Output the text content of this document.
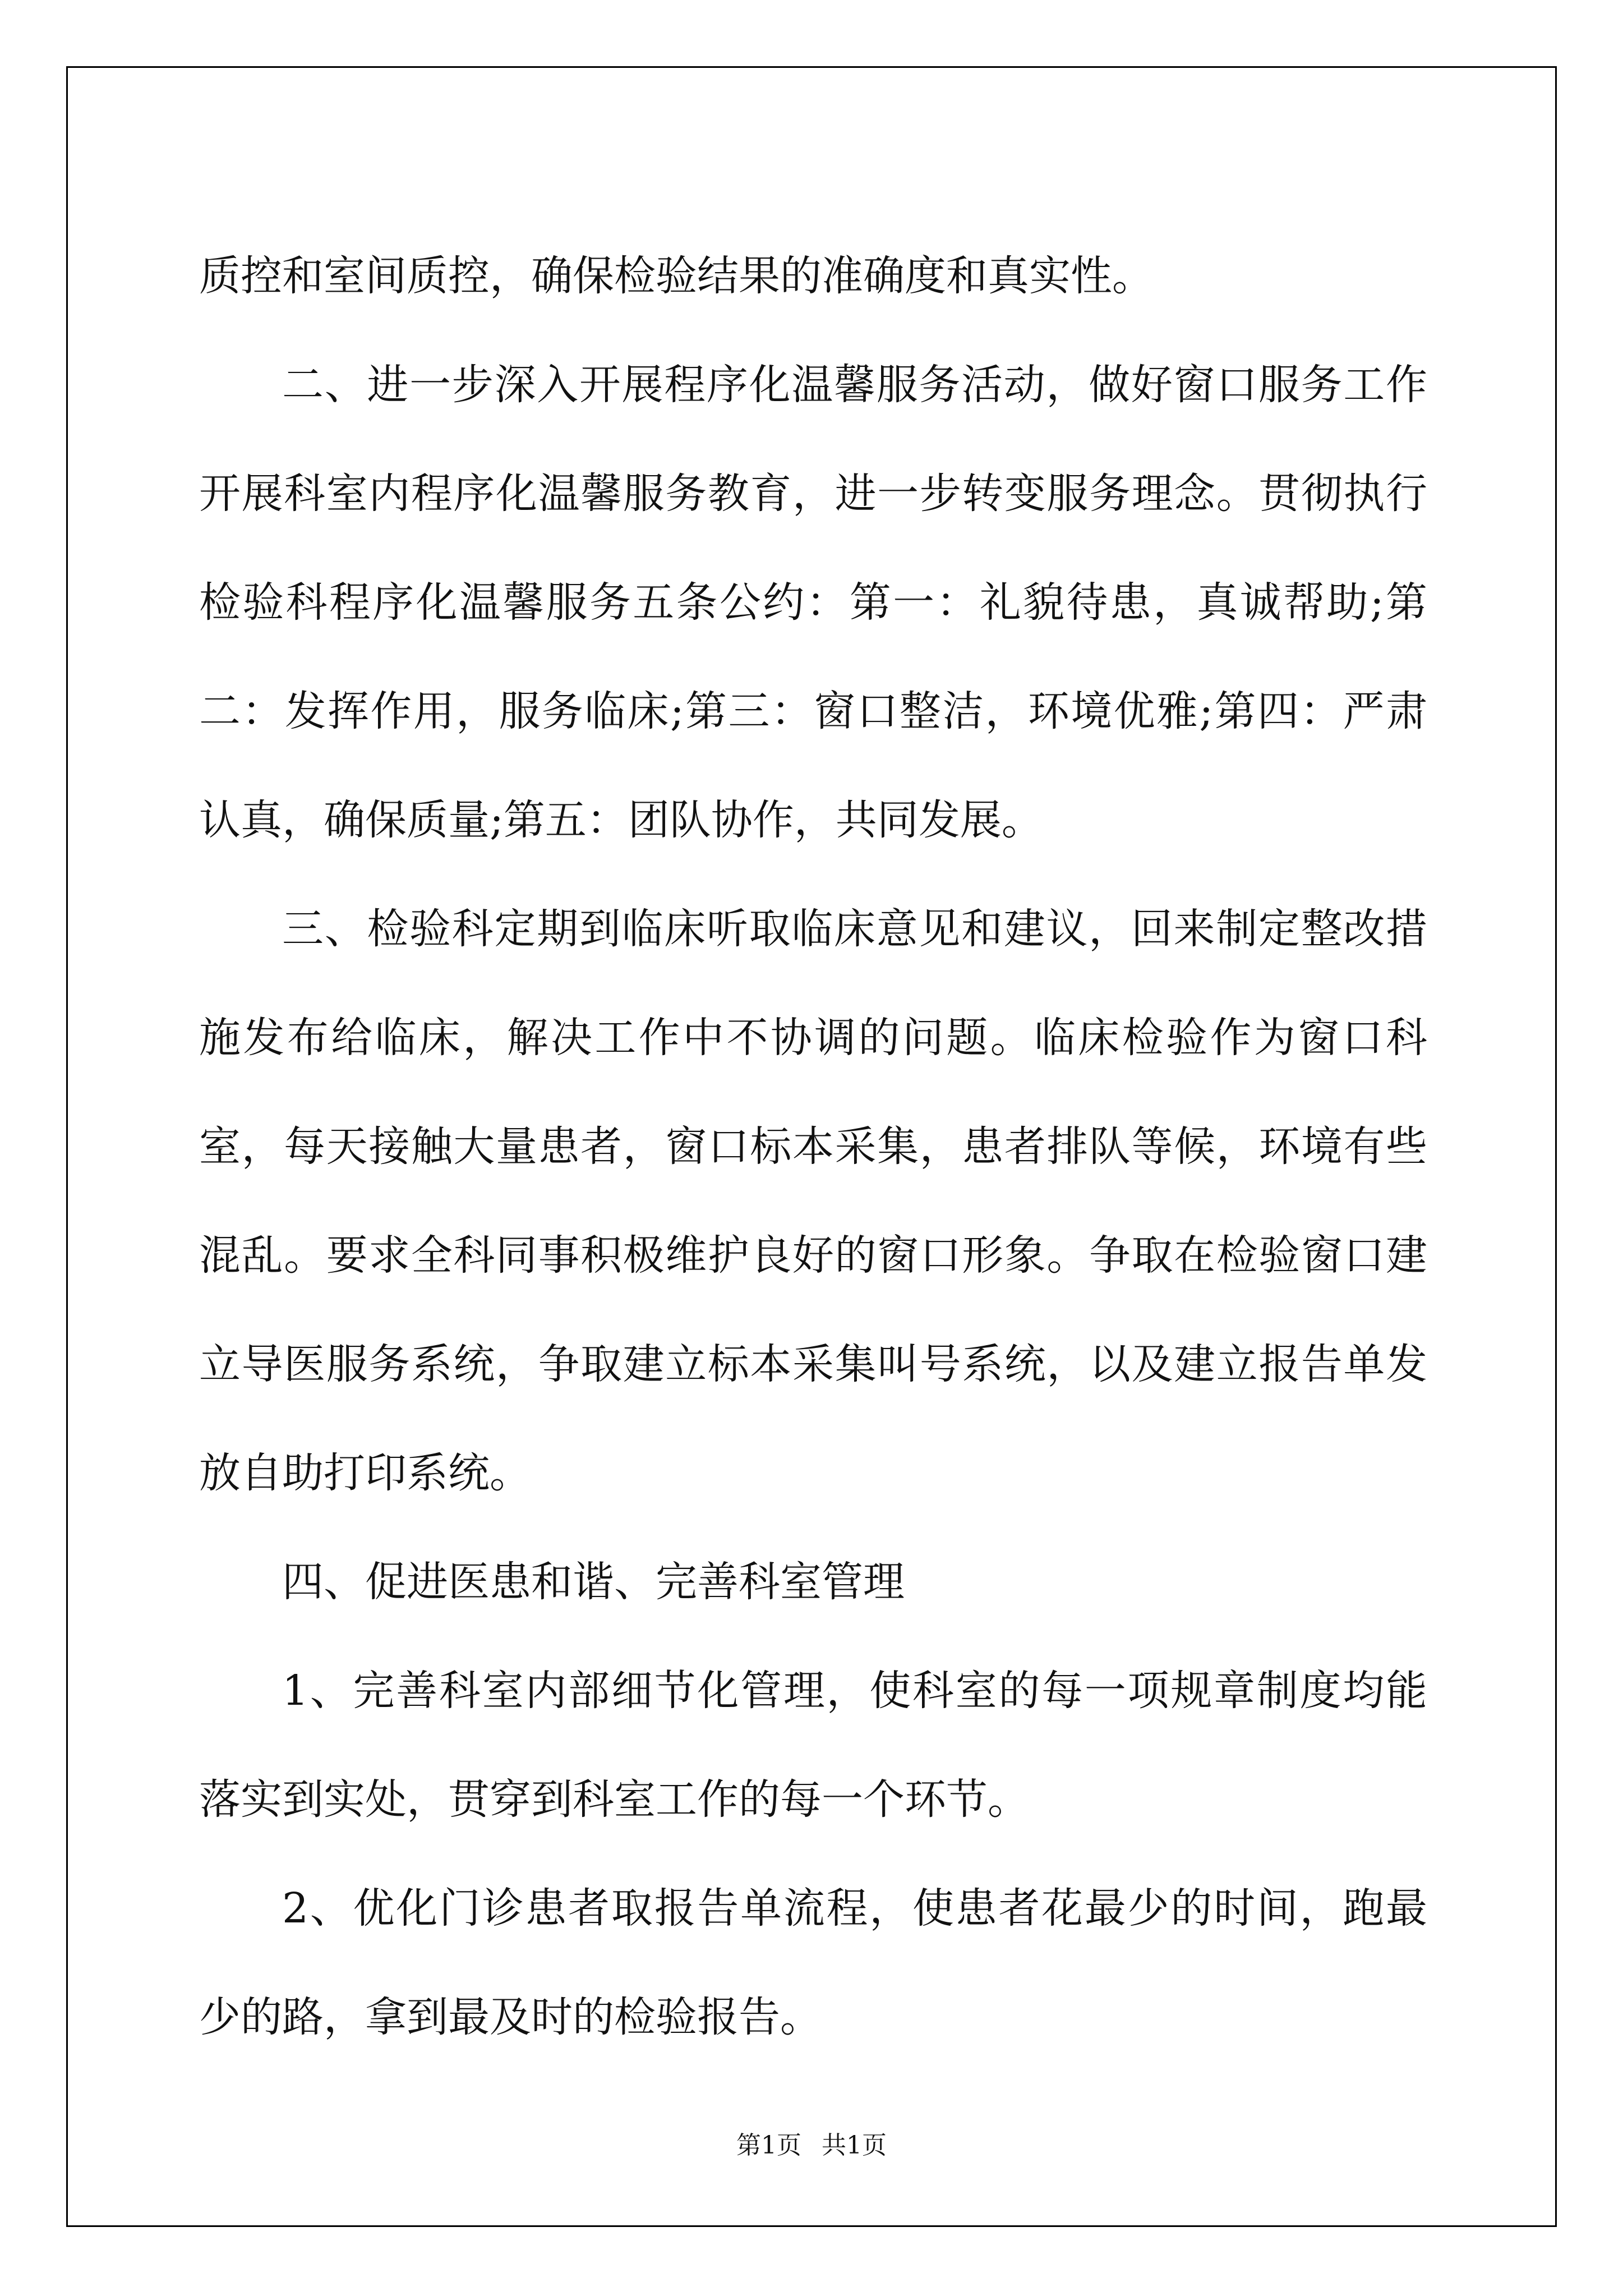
质控和室间质控，确保检验结果的准确度和真实性。

二、进一步深入开展程序化温馨服务活动，做好窗口服务工作开展科室内程序化温馨服务教育，进一步转变服务理念。贯彻执行检验科程序化温馨服务五条公约：第一：礼貌待患，真诚帮助;第二：发挥作用，服务临床;第三：窗口整洁，环境优雅;第四：严肃认真，确保质量;第五：团队协作，共同发展。

三、检验科定期到临床听取临床意见和建议，回来制定整改措施发布给临床，解决工作中不协调的问题。临床检验作为窗口科室，每天接触大量患者，窗口标本采集，患者排队等候，环境有些混乱。要求全科同事积极维护良好的窗口形象。争取在检验窗口建立导医服务系统，争取建立标本采集叫号系统，以及建立报告单发放自助打印系统。

四、促进医患和谐、完善科室管理

1、完善科室内部细节化管理，使科室的每一项规章制度均能落实到实处，贯穿到科室工作的每一个环节。

2、优化门诊患者取报告单流程，使患者花最少的时间，跑最少的路，拿到最及时的检验报告。

第1页 共1页
